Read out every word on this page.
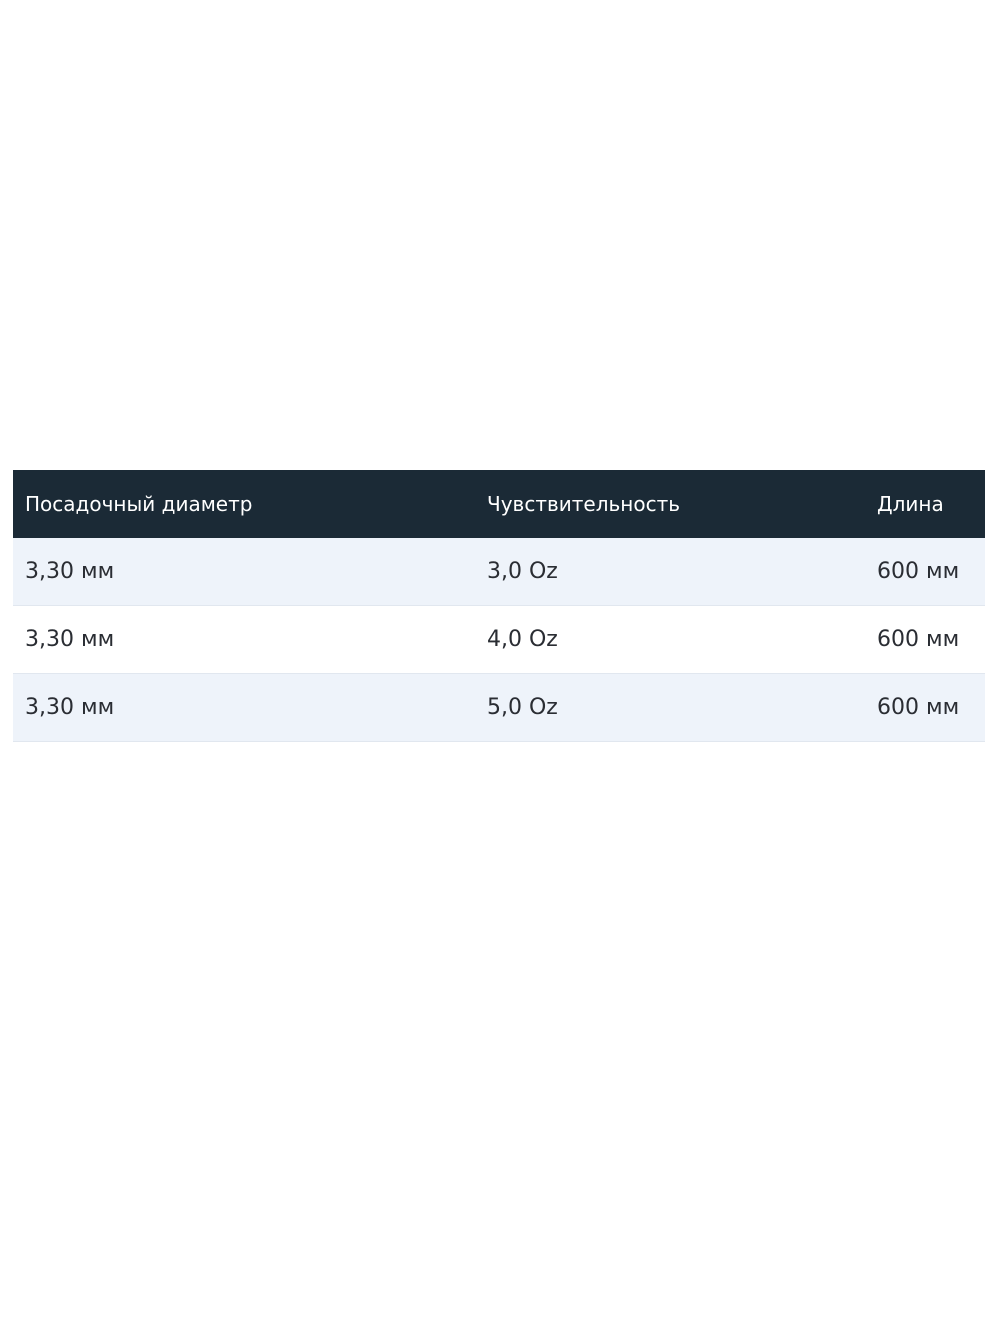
Посадочный диаметр	Чувствительность	Длина
3,30 мм	3,0 Oz	600 мм
3,30 мм	4,0 Oz	600 мм
3,30 мм	5,0 Oz	600 мм
